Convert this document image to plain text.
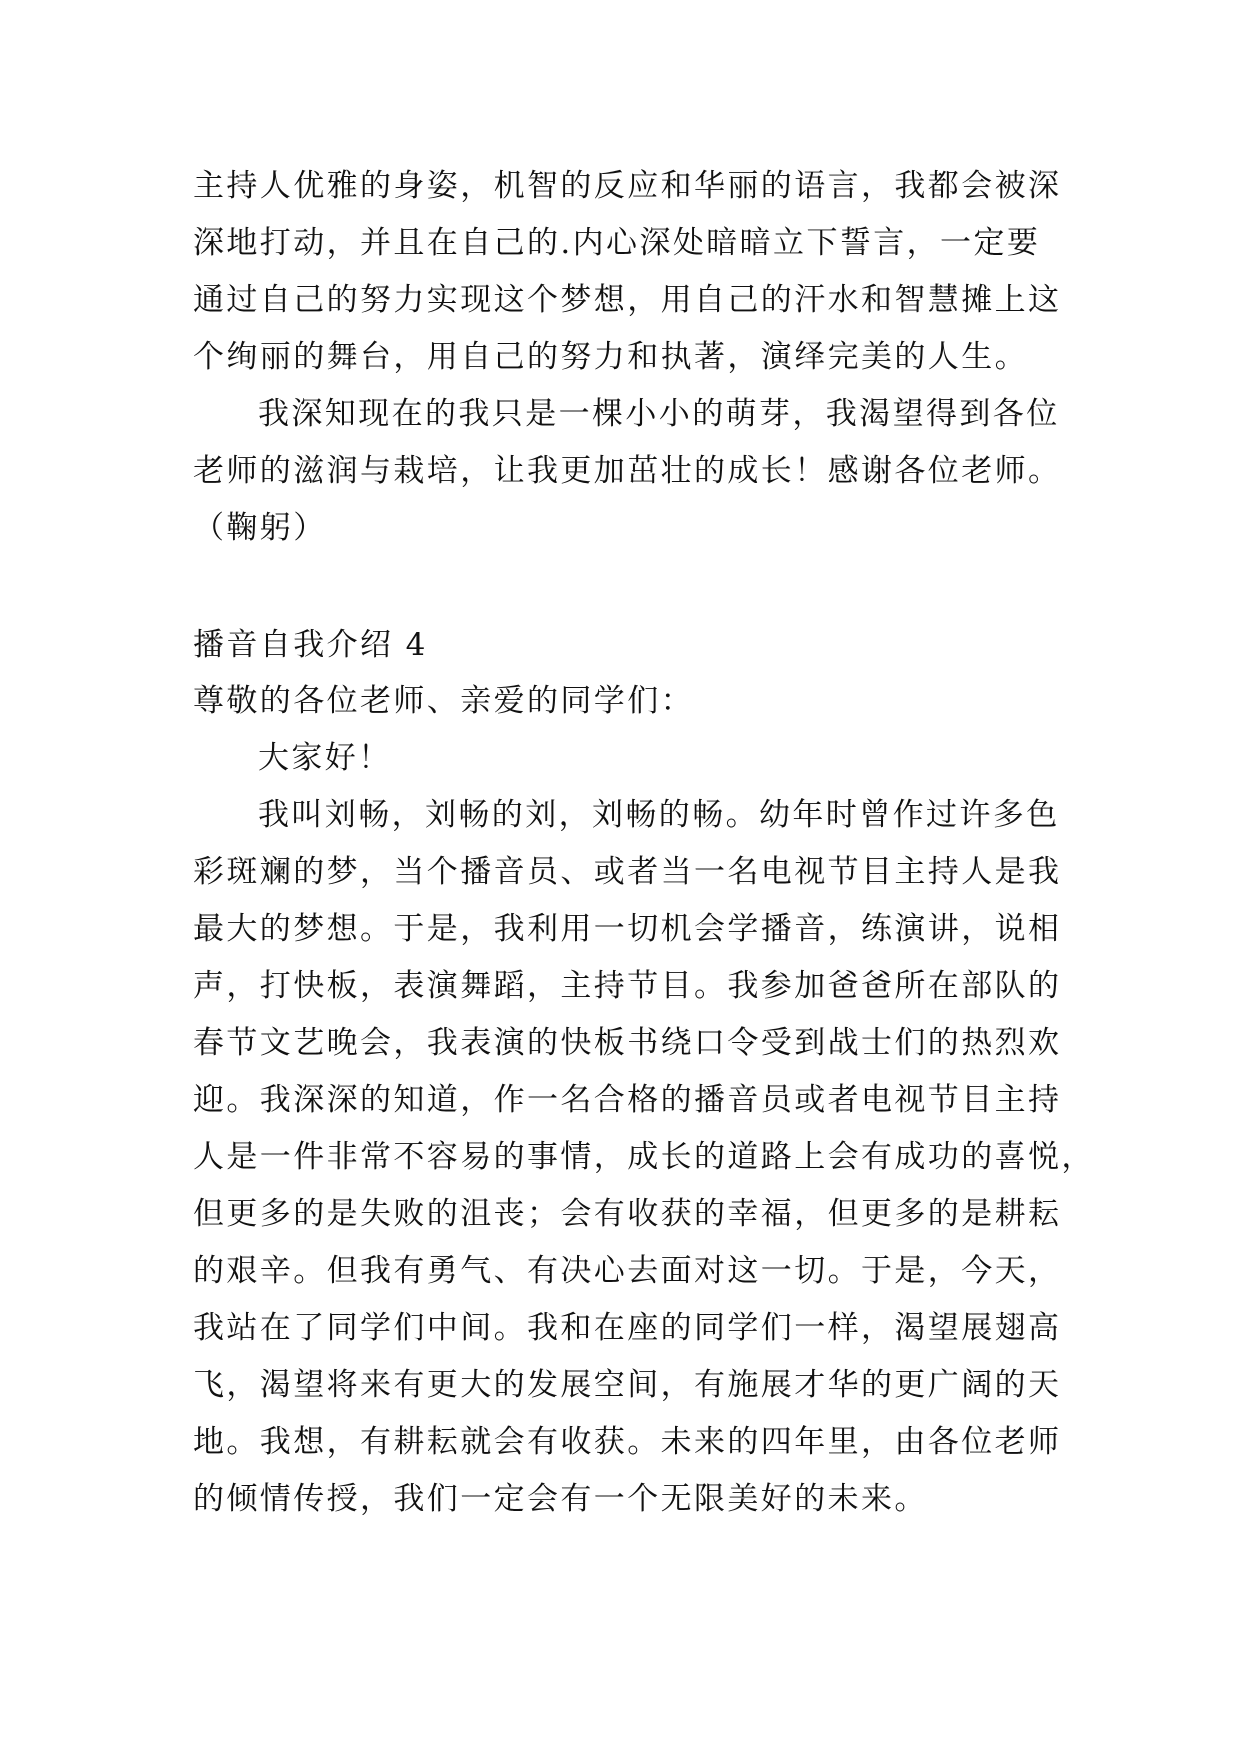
主持人优雅的身姿，机智的反应和华丽的语言，我都会被深
深地打动，并且在自己的.内心深处暗暗立下誓言，一定要
通过自己的努力实现这个梦想，用自己的汗水和智慧摊上这
个绚丽的舞台，用自己的努力和执著，演绎完美的人生。
我深知现在的我只是一棵小小的萌芽，我渴望得到各位
老师的滋润与栽培，让我更加茁壮的成长！感谢各位老师。
（鞠躬）
播音自我介绍 4
尊敬的各位老师、亲爱的同学们：
大家好！
我叫刘畅，刘畅的刘，刘畅的畅。幼年时曾作过许多色
彩斑斓的梦，当个播音员、或者当一名电视节目主持人是我
最大的梦想。于是，我利用一切机会学播音，练演讲，说相
声，打快板，表演舞蹈，主持节目。我参加爸爸所在部队的
春节文艺晚会，我表演的快板书绕口令受到战士们的热烈欢
迎。我深深的知道，作一名合格的播音员或者电视节目主持
人是一件非常不容易的事情，成长的道路上会有成功的喜悦，
但更多的是失败的沮丧；会有收获的幸福，但更多的是耕耘
的艰辛。但我有勇气、有决心去面对这一切。于是，今天，
我站在了同学们中间。我和在座的同学们一样，渴望展翅高
飞，渴望将来有更大的发展空间，有施展才华的更广阔的天
地。我想，有耕耘就会有收获。未来的四年里，由各位老师
的倾情传授，我们一定会有一个无限美好的未来。
